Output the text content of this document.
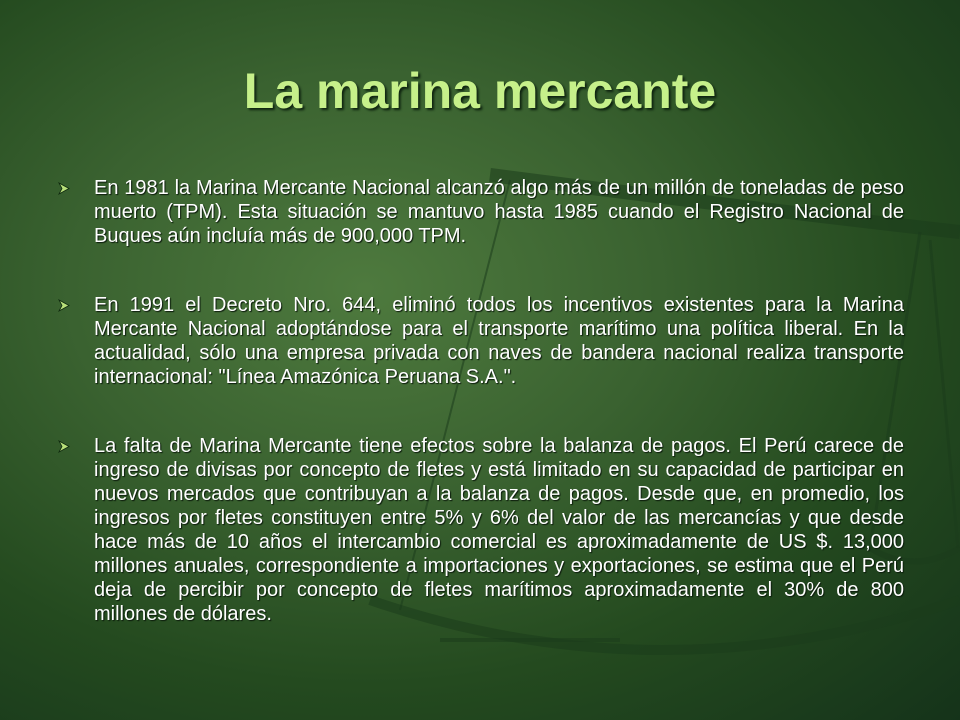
La marina mercante
En 1981 la Marina Mercante Nacional alcanzó algo más de un millón de toneladas de peso muerto (TPM). Esta situación se mantuvo hasta 1985 cuando el Registro Nacional de Buques aún incluía más de 900,000 TPM.
En 1991 el Decreto Nro. 644, eliminó todos los incentivos existentes para la Marina Mercante Nacional adoptándose para el transporte marítimo una política liberal. En la actualidad, sólo una empresa privada con naves de bandera nacional realiza transporte internacional: "Línea Amazónica Peruana S.A.".
La falta de Marina Mercante tiene efectos sobre la balanza de pagos. El Perú carece de ingreso de divisas por concepto de fletes y está limitado en su capacidad de participar en nuevos mercados que contribuyan a la balanza de pagos. Desde que, en promedio, los ingresos por fletes constituyen entre 5% y 6% del valor de las mercancías y que desde hace más de 10 años el intercambio comercial es aproximadamente de US $. 13,000 millones anuales, correspondiente a importaciones y exportaciones, se estima que el Perú deja de percibir por concepto de fletes marítimos aproximadamente el 30% de 800 millones de dólares.
